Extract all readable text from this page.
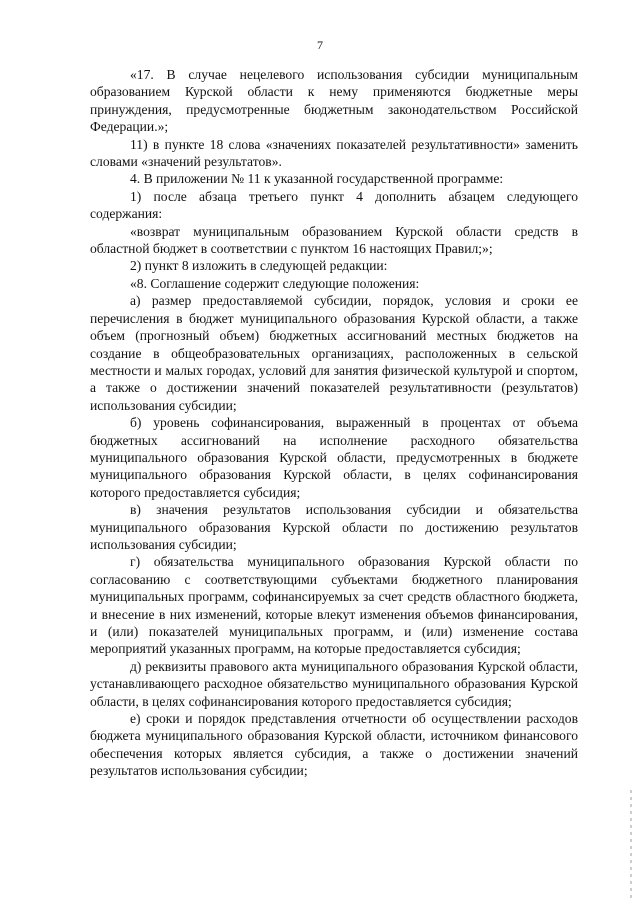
7

«17. В случае нецелевого использования субсидии муниципальным образованием Курской области к нему применяются бюджетные меры принуждения, предусмотренные бюджетным законодательством Российской Федерации.»;

11) в пункте 18 слова «значениях показателей результативности» заменить словами «значений результатов».

4. В приложении № 11 к указанной государственной программе:

1) после абзаца третьего пункт 4 дополнить абзацем следующего содержания:

«возврат муниципальным образованием Курской области средств в областной бюджет в соответствии с пунктом 16 настоящих Правил;»;

2) пункт 8 изложить в следующей редакции:

«8. Соглашение содержит следующие положения:

а) размер предоставляемой субсидии, порядок, условия и сроки ее перечисления в бюджет муниципального образования Курской области, а также объем (прогнозный объем) бюджетных ассигнований местных бюджетов на создание в общеобразовательных организациях, расположенных в сельской местности и малых городах, условий для занятия физической культурой и спортом, а также о достижении значений показателей результативности (результатов) использования субсидии;

б) уровень софинансирования, выраженный в процентах от объема бюджетных ассигнований на исполнение расходного обязательства муниципального образования Курской области, предусмотренных в бюджете муниципального образования Курской области, в целях софинансирования которого предоставляется субсидия;

в) значения результатов использования субсидии и обязательства муниципального образования Курской области по достижению результатов использования субсидии;

г) обязательства муниципального образования Курской области по согласованию с соответствующими субъектами бюджетного планирования муниципальных программ, софинансируемых за счет средств областного бюджета, и внесение в них изменений, которые влекут изменения объемов финансирования, и (или) показателей муниципальных программ, и (или) изменение состава мероприятий указанных программ, на которые предоставляется субсидия;

д) реквизиты правового акта муниципального образования Курской области, устанавливающего расходное обязательство муниципального образования Курской области, в целях софинансирования которого предоставляется субсидия;

е) сроки и порядок представления отчетности об осуществлении расходов бюджета муниципального образования Курской области, источником финансового обеспечения которых является субсидия, а также о достижении значений результатов использования субсидии;
